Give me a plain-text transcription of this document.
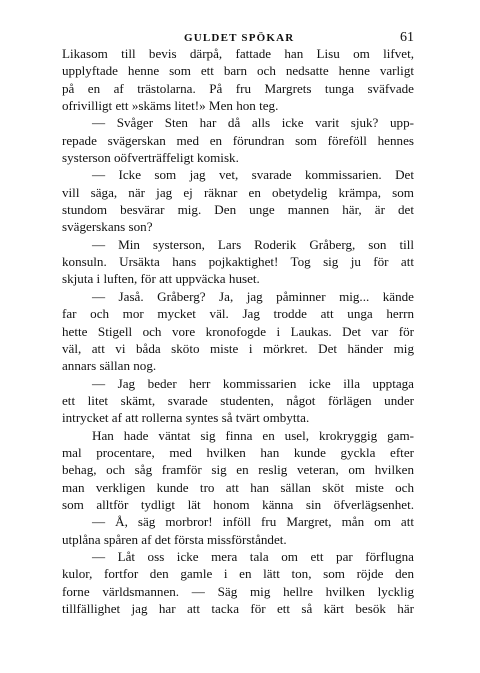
GULDET SPÖKAR	61
Likasom till bevis därpå, fattade han Lisu om lifvet,
upplyftade henne som ett barn och nedsatte henne varligt
på en af trästolarna. På fru Margrets tunga sväfvade
ofrivilligt ett »skäms litet!» Men hon teg.
— Svåger Sten har då alls icke varit sjuk? upp-
repade svägerskan med en förundran som föreföll hennes
systerson oöfverträffeligt komisk.
— Icke som jag vet, svarade kommissarien. Det
vill säga, när jag ej räknar en obetydelig krämpa, som
stundom besvärar mig. Den unge mannen här, är det
svägerskans son?
— Min systerson, Lars Roderik Gråberg, son till
konsuln. Ursäkta hans pojkaktighet! Tog sig ju för att
skjuta i luften, för att uppväcka huset.
— Jaså. Gråberg? Ja, jag påminner mig... kände
far och mor mycket väl. Jag trodde att unga herrn
hette Stigell och vore kronofogde i Laukas. Det var för
väl, att vi båda sköto miste i mörkret. Det händer mig
annars sällan nog.
— Jag beder herr kommissarien icke illa upptaga
ett litet skämt, svarade studenten, något förlägen under
intrycket af att rollerna syntes så tvärt ombytta.
Han hade väntat sig finna en usel, krokryggig gam-
mal procentare, med hvilken han kunde gyckla efter
behag, och såg framför sig en reslig veteran, om hvilken
man verkligen kunde tro att han sällan sköt miste och
som alltför tydligt lät honom känna sin öfverlägsenhet.
— Å, säg morbror! inföll fru Margret, mån om att
utplåna spåren af det första missförståndet.
— Låt oss icke mera tala om ett par förflugna
kulor, fortfor den gamle i en lätt ton, som röjde den
forne världsmannen. — Säg mig hellre hvilken lycklig
tillfällighet jag har att tacka för ett så kärt besök här
